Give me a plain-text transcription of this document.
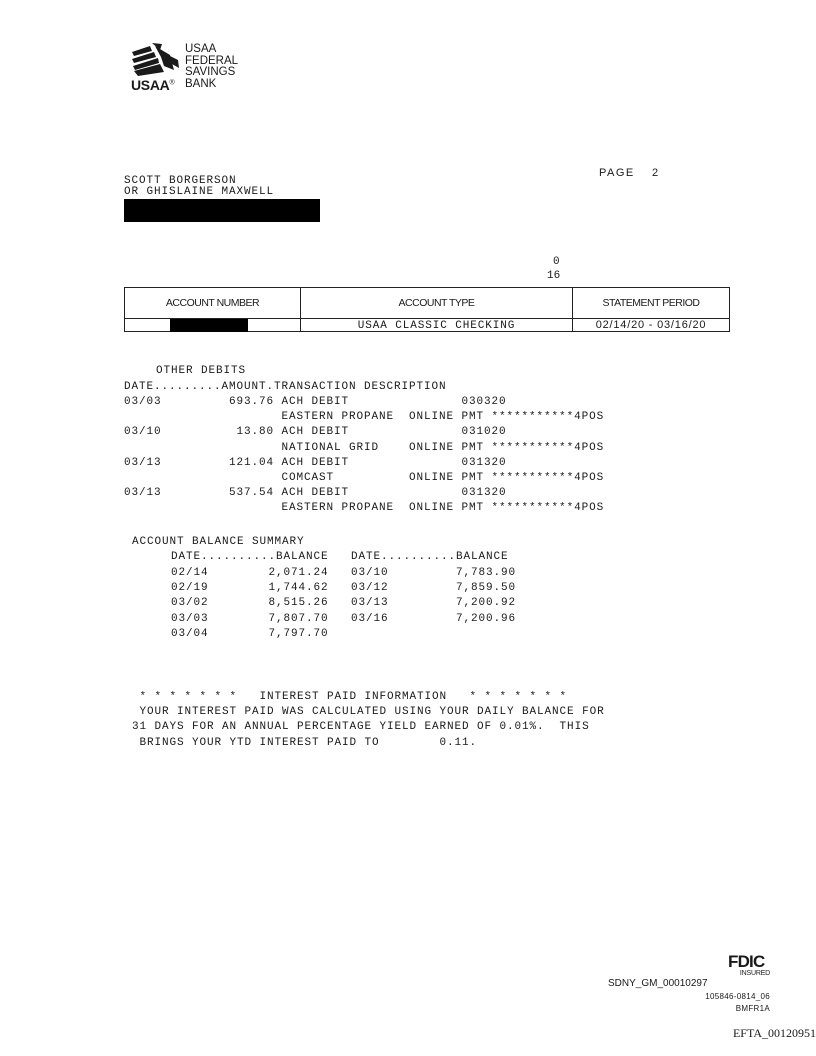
USAA
FEDERAL
SAVINGS
BANK
USAA®
PAGE 2
SCOTT BORGERSON
OR GHISLAINE MAXWELL
0
16
ACCOUNT NUMBER	ACCOUNT TYPE
USAA CLASSIC CHECKING
STATEMENT PERIOD
02/14/20 - 03/16/20
OTHER DEBITS
DATE.........AMOUNT.TRANSACTION DESCRIPTION
03/03         693.76 ACH DEBIT               030320
EASTERN PROPANE  ONLINE PMT ***********4POS
03/10          13.80 ACH DEBIT               031020
NATIONAL GRID    ONLINE PMT ***********4POS
03/13         121.04 ACH DEBIT               031320
COMCAST          ONLINE PMT ***********4POS
03/13         537.54 ACH DEBIT               031320
EASTERN PROPANE  ONLINE PMT ***********4POS
ACCOUNT BALANCE SUMMARY
DATE..........BALANCE   DATE..........BALANCE
02/14        2,071.24   03/10         7,783.90
02/19        1,744.62   03/12         7,859.50
03/02        8,515.26   03/13         7,200.92
03/03        7,807.70   03/16         7,200.96
03/04        7,797.70
* * * * * * *   INTEREST PAID INFORMATION   * * * * * * *
YOUR INTEREST PAID WAS CALCULATED USING YOUR DAILY BALANCE FOR
31 DAYS FOR AN ANNUAL PERCENTAGE YIELD EARNED OF 0.01%.  THIS
BRINGS YOUR YTD INTEREST PAID TO        0.11.
FDIC
INSURED
SDNY_GM_00010297
105846-0814_06
BMFR1A
EFTA_00120951
